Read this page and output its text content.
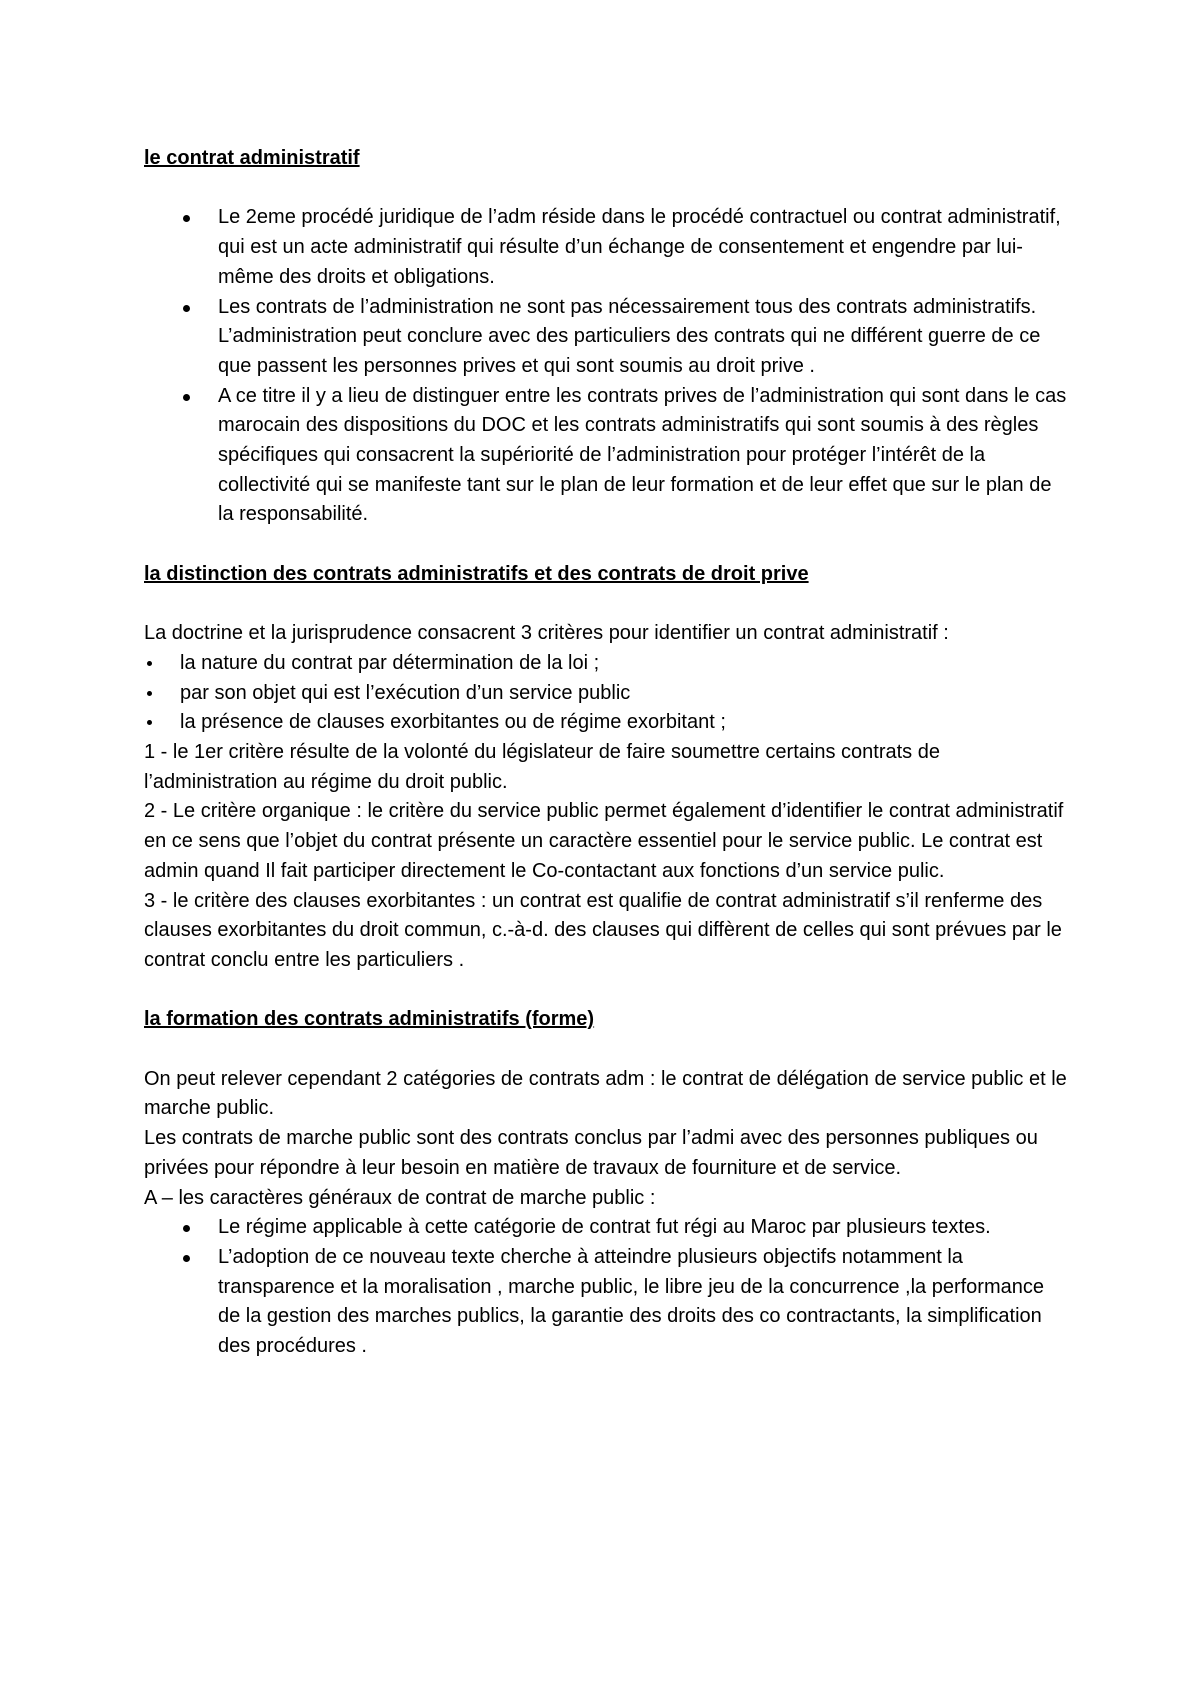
le contrat administratif
Le 2eme procédé juridique de l’adm réside dans le procédé contractuel ou contrat administratif, qui est un acte administratif qui résulte d’un échange de consentement et engendre par lui-même des droits et obligations.
Les contrats de l’administration ne sont pas nécessairement tous des contrats administratifs. L’administration peut conclure avec des particuliers des contrats qui ne différent guerre de ce que passent les personnes prives et qui sont soumis au droit prive .
A ce titre il y a lieu de distinguer entre les contrats prives de l’administration qui sont dans le cas marocain des dispositions du DOC et les contrats administratifs qui sont soumis à des règles spécifiques qui consacrent la supériorité de l’administration pour protéger l’intérêt de la collectivité qui se manifeste tant sur le plan de leur formation et de leur effet que sur le plan de la responsabilité.
la distinction des contrats administratifs et des contrats de droit prive

La doctrine et la jurisprudence consacrent 3 critères pour identifier un contrat administratif :

la nature du contrat par détermination de la loi ;
par son objet qui est l’exécution d’un service public
la présence de clauses exorbitantes ou de régime exorbitant ;

1 - le 1er critère résulte de la volonté du législateur de faire soumettre certains contrats de l’administration au régime du droit public.

2 - Le critère organique : le critère du service public permet également d’identifier le contrat administratif en ce sens que l’objet du contrat présente un caractère essentiel pour le service public. Le contrat est admin quand Il fait participer directement le Co-contactant aux fonctions d’un service pulic.

3 - le critère des clauses exorbitantes : un contrat est qualifie de contrat administratif s’il renferme des clauses exorbitantes du droit commun, c.-à-d. des clauses qui diffèrent de celles qui sont prévues par le contrat conclu entre les particuliers .

la formation des contrats administratifs (forme)

On peut relever cependant 2 catégories de contrats adm : le contrat de délégation de service public et le marche public.

Les contrats de marche public sont des contrats conclus par l’admi avec des personnes publiques ou privées pour répondre à leur besoin en matière de travaux de fourniture et de service.

A – les caractères généraux de contrat de marche public :

Le régime applicable à cette catégorie de contrat fut régi au Maroc par plusieurs textes.
L’adoption de ce nouveau texte cherche à atteindre plusieurs objectifs notamment la transparence et la moralisation , marche public, le libre jeu de la concurrence ,la performance de la gestion des marches publics, la garantie des droits des co contractants, la simplification des procédures .
